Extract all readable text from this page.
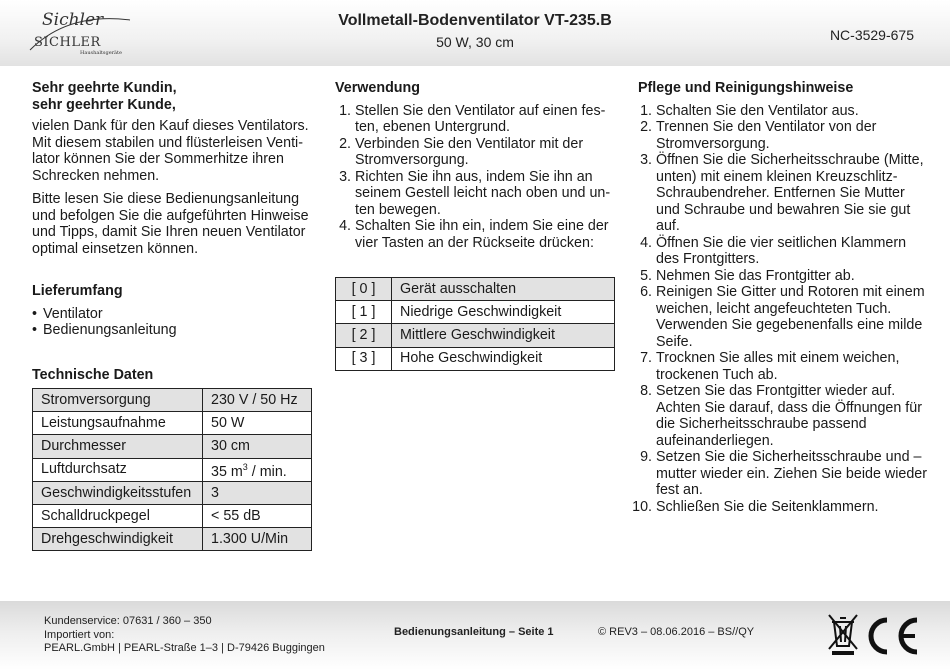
Sichler
SICHLER
Haushaltsgeräte
Vollmetall-Bodenventilator VT-235.B
50 W, 30 cm	NC-3529-675
Sehr geehrte Kundin,
sehr geehrter Kunde,

vielen Dank für den Kauf dieses Ventilators. Mit diesem stabilen und flüsterleisen Ventilator können Sie der Sommerhitze ihren Schrecken nehmen.

Bitte lesen Sie diese Bedienungsanleitung und befolgen Sie die aufgeführten Hinweise und Tipps, damit Sie Ihren neuen Ventilator optimal einsetzen können.

Lieferumfang
• Ventilator
• Bedienungsanleitung
Technische Daten
Stromversorgung	230 V / 50 Hz
Leistungsaufnahme	50 W
Durchmesser	30 cm
Luftdurchsatz	35 $m^3$ / min.
Geschwindigkeitsstufen	3
Schalldruckpegel	< 55 dB
Drehgeschwindigkeit	1.300 U/Min
Verwendung
1. Stellen Sie den Ventilator auf einen festen, ebenen Untergrund.
2. Verbinden Sie den Ventilator mit der Stromversorgung.
3. Richten Sie ihn aus, indem Sie ihn an seinem Gestell leicht nach oben und unten bewegen.
4. Schalten Sie ihn ein, indem Sie eine der vier Tasten an der Rückseite drücken:
[ 0 ]	Gerät ausschalten
[ 1 ]	Niedrige Geschwindigkeit
[ 2 ]	Mittlere Geschwindigkeit
[ 3 ]	Hohe Geschwindigkeit
Pflege und Reinigungshinweise
1. Schalten Sie den Ventilator aus.
2. Trennen Sie den Ventilator von der Stromversorgung.
3. Öffnen Sie die Sicherheitsschraube (Mitte, unten) mit einem kleinen Kreuzschlitz-Schraubendreher. Entfernen Sie Mutter und Schraube und bewahren Sie sie gut auf.
4. Öffnen Sie die vier seitlichen Klammern des Frontgitters.
5. Nehmen Sie das Frontgitter ab.
6. Reinigen Sie Gitter und Rotoren mit einem weichen, leicht angefeuchteten Tuch. Verwenden Sie gegebenenfalls eine milde Seife.
7. Trocknen Sie alles mit einem weichen, trockenen Tuch ab.
8. Setzen Sie das Frontgitter wieder auf. Achten Sie darauf, dass die Öffnungen für die Sicherheitsschraube passend aufeinanderliegen.
9. Setzen Sie die Sicherheitsschraube und –mutter wieder ein. Ziehen Sie beide wieder fest an.
10. Schließen Sie die Seitenklammern.
Kundenservice: 07631 / 360 – 350
Importiert von:
PEARL.GmbH | PEARL-Straße 1–3 | D-79426 Buggingen
Bedienungsanleitung – Seite 1	© REV3 – 08.06.2016 – BS//QY
